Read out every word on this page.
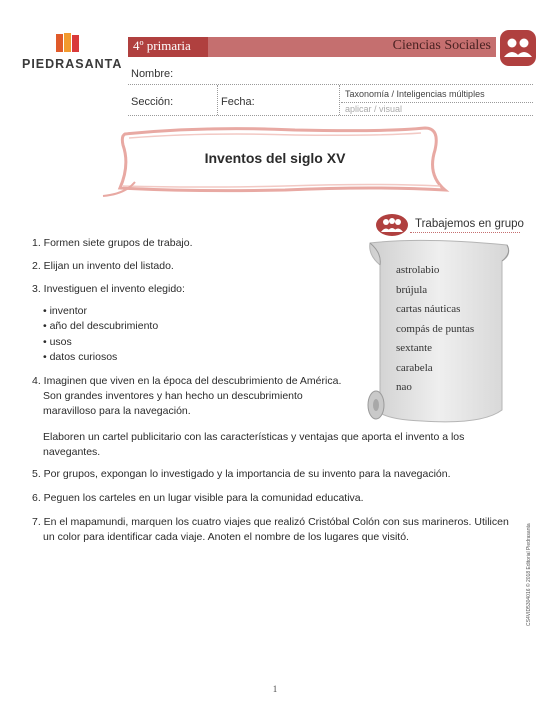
PIEDRASANTA
4º primaria	Ciencias Sociales
Nombre:
Sección:	Fecha:
Taxonomía / Inteligencias múltiples
aplicar / visual
Inventos del siglo XV
Trabajemos en grupo
astrolabio
brújula
cartas náuticas
compás de puntas
sextante
carabela
nao
1. Formen siete grupos de trabajo.
2. Elijan un invento del listado.
3. Investiguen el invento elegido:
• inventor
• año del descubrimiento
• usos
• datos curiosos
4. Imaginen que viven en la época del descubrimiento de América.
Son grandes inventores y han hecho un descubrimiento
maravilloso para la navegación.
Elaboren un cartel publicitario con las características y ventajas que aporta el invento a los
navegantes.
5. Por grupos, expongan lo investigado y la importancia de su invento para la navegación.
6. Peguen los carteles en un lugar visible para la comunidad educativa.
7. En el mapamundi, marquen los cuatro viajes que realizó Cristóbal Colón con sus marineros. Utilicen
un color para identificar cada viaje. Anoten el nombre de los lugares que visitó.	CS4VID5304016 © 2018 Editorial Piedrasanta
1
